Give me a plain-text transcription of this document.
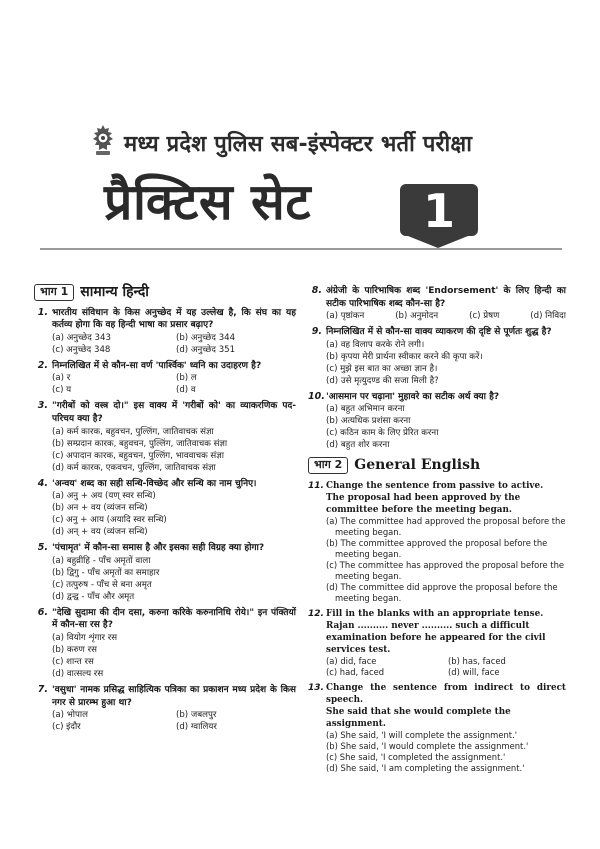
मध्य प्रदेश पुलिस सब-इंस्पेक्टर भर्ती परीक्षा
प्रैक्टिस सेट	1
भाग 1 सामान्य हिन्दी
1. भारतीय संविधान के किस अनुच्छेद में यह उल्लेख है, कि संघ का यह कर्तव्य होगा कि वह हिन्दी भाषा का प्रसार बढ़ाए?
(a) अनुच्छेद 343	(b) अनुच्छेद 344
(c) अनुच्छेद 348	(d) अनुच्छेद 351
2. निम्नलिखित में से कौन-सा वर्ण 'पार्श्विक' ध्वनि का उदाहरण है?
(a) र	(b) ल
(c) य	(d) व
3. "गरीबों को वस्त्र दो।" इस वाक्य में 'गरीबों को' का व्याकरणिक पद-परिचय क्या है?
(a) कर्म कारक, बहुवचन, पुल्लिंग, जातिवाचक संज्ञा
(b) सम्प्रदान कारक, बहुवचन, पुल्लिंग, जातिवाचक संज्ञा
(c) अपादान कारक, बहुवचन, पुल्लिंग, भाववाचक संज्ञा
(d) कर्म कारक, एकवचन, पुल्लिंग, जातिवाचक संज्ञा
4. 'अन्वय' शब्द का सही सन्धि-विच्छेद और सन्धि का नाम चुनिए।
(a) अनु + अय (यण् स्वर सन्धि)
(b) अन + वय (व्यंजन सन्धि)
(c) अनु + आय (अयादि स्वर सन्धि)
(d) अन् + वय (व्यंजन सन्धि)
5. 'पंचामृत' में कौन-सा समास है और इसका सही विग्रह क्या होगा?
(a) बहुव्रीहि - पाँच अमृतों वाला
(b) द्विगु - पाँच अमृतों का समाहार
(c) तत्पुरुष - पाँच से बना अमृत
(d) द्वन्द्व - पाँच और अमृत
6. "देखि सुदामा की दीन दसा, करुना करिके करुनानिधि रोये।" इन पंक्तियों में कौन-सा रस है?
(a) वियोग शृंगार रस
(b) करुण रस
(c) शान्त रस
(d) वात्सल्य रस
7. 'वसुधा' नामक प्रसिद्ध साहित्यिक पत्रिका का प्रकाशन मध्य प्रदेश के किस नगर से प्रारम्भ हुआ था?
(a) भोपाल	(b) जबलपुर
(c) इंदौर	(d) ग्वालियर
8. अंग्रेजी के पारिभाषिक शब्द 'Endorsement' के लिए हिन्दी का सटीक पारिभाषिक शब्द कौन-सा है?
(a) पृष्ठांकन	(b) अनुमोदन	(c) प्रेषण	(d) निविदा
9. निम्नलिखित में से कौन-सा वाक्य व्याकरण की दृष्टि से पूर्णतः शुद्ध है?
(a) वह विलाप करके रोने लगी।
(b) कृपया मेरी प्रार्थना स्वीकार करने की कृपा करें।
(c) मुझे इस बात का अच्छा ज्ञान है।
(d) उसे मृत्युदण्ड की सजा मिली है?
10. 'आसमान पर चढ़ाना' मुहावरे का सटीक अर्थ क्या है?
(a) बहुत अभिमान करना
(b) अत्यधिक प्रशंसा करना
(c) कठिन काम के लिए प्रेरित करना
(d) बहुत शोर करना
भाग 2 General English
11. Change the sentence from passive to active.
The proposal had been approved by the committee before the meeting began.
(a) The committee had approved the proposal before the meeting began.
(b) The committee approved the proposal before the meeting began.
(c) The committee has approved the proposal before the meeting began.
(d) The committee did approve the proposal before the meeting began.
12. Fill in the blanks with an appropriate tense.
Rajan .......... never .......... such a difficult examination before he appeared for the civil services test.
(a) did, face	(b) has, faced
(c) had, faced	(d) will, face
13. Change the sentence from indirect to direct speech.
She said that she would complete the assignment.
(a) She said, 'I will complete the assignment.'
(b) She said, 'I would complete the assignment.'
(c) She said, 'I completed the assignment.'
(d) She said, 'I am completing the assignment.'
